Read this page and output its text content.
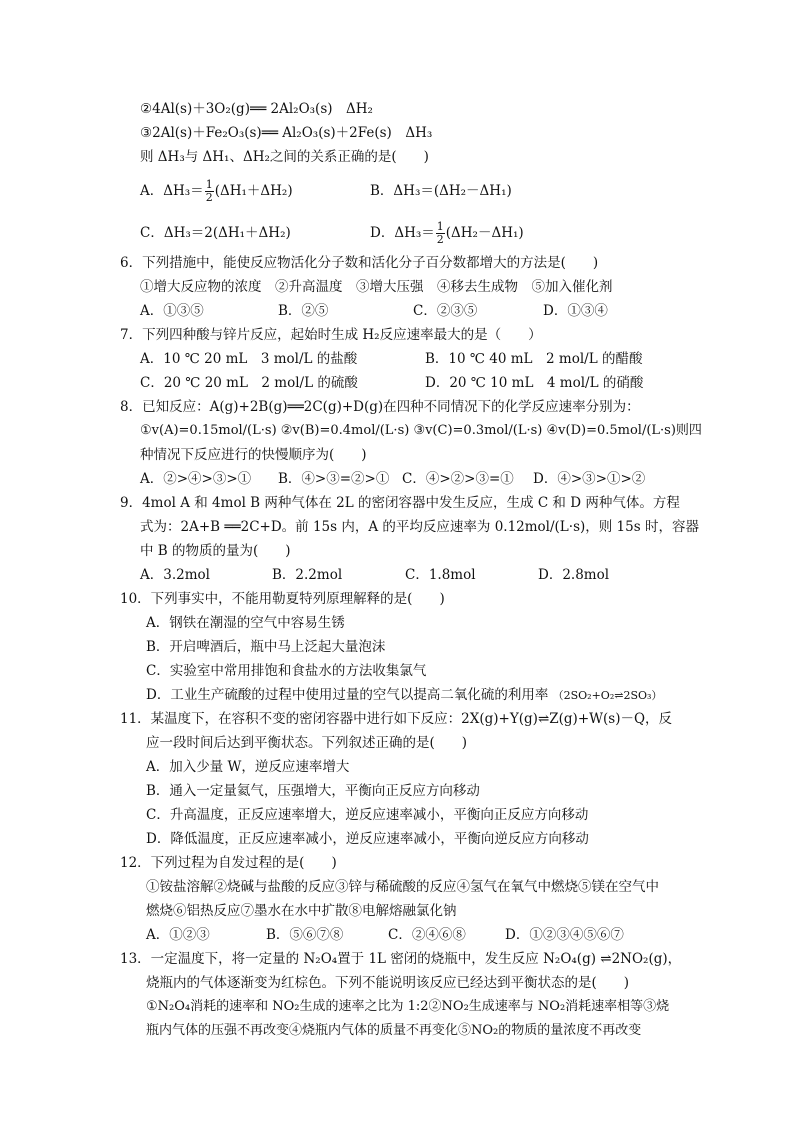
②4Al(s)＋3O₂(g)══ 2Al₂O₃(s)　ΔH₂
③2Al(s)＋Fe₂O₃(s)══ Al₂O₃(s)＋2Fe(s)　ΔH₃
则 ΔH₃与 ΔH₁、ΔH₂之间的关系正确的是(　　)
A．$\Delta H_3= \frac{1}{2} (\Delta H_1+\Delta H_2)$	B．ΔH₃＝(ΔH₂－ΔH₁)
C．ΔH₃＝2(ΔH₁＋ΔH₂)	D．$\Delta H_3= \frac{1}{2} (\Delta H_2-\Delta H_1)$
6．下列措施中，能使反应物活化分子数和活化分子百分数都增大的方法是(　　)
①增大反应物的浓度　②升高温度　③增大压强　④移去生成物　⑤加入催化剂
A．①③⑤	B．②⑤	C．②③⑤	D．①③④
7．下列四种酸与锌片反应，起始时生成 H₂反应速率最大的是（　　）
A．10 ℃ 20 mL　3 mol/L 的盐酸	B．10 ℃ 40 mL　2 mol/L 的醋酸
C．20 ℃ 20 mL　2 mol/L 的硫酸	D．20 ℃ 10 mL　4 mol/L 的硝酸
8．已知反应：A(g)+2B(g)══2C(g)+D(g)在四种不同情况下的化学反应速率分别为：
①v(A)=0.15mol/(L·s) ②v(B)=0.4mol/(L·s) ③v(C)=0.3mol/(L·s) ④v(D)=0.5mol/(L·s)则四
种情况下反应进行的快慢顺序为(　　)
A．②>④>③>① B．④>③=②>① C．④>②>③=① D．④>③>①>②
9．4mol A 和 4mol B 两种气体在 2L 的密闭容器中发生反应，生成 C 和 D 两种气体。方程
式为：2A+B ══2C+D。前 15s 内，A 的平均反应速率为 0.12mol/(L·s)，则 15s 时，容器
中 B 的物质的量为(　　)
A．3.2mol	B．2.2mol	C．1.8mol	D．2.8mol
10．下列事实中，不能用勒夏特列原理解释的是(　　)
A．钢铁在潮湿的空气中容易生锈
B．开启啤酒后，瓶中马上泛起大量泡沫
C．实验室中常用排饱和食盐水的方法收集氯气
D．工业生产硫酸的过程中使用过量的空气以提高二氧化硫的利用率 （2SO₂+O₂⇌2SO₃）
11．某温度下，在容积不变的密闭容器中进行如下反应：2X(g)+Y(g)⇌Z(g)+W(s)－Q，反
应一段时间后达到平衡状态。下列叙述正确的是(　　)
A．加入少量 W，逆反应速率增大
B．通入一定量氦气，压强增大，平衡向正反应方向移动
C．升高温度，正反应速率增大，逆反应速率减小，平衡向正反应方向移动
D．降低温度，正反应速率减小，逆反应速率减小，平衡向逆反应方向移动
12．下列过程为自发过程的是(　　)
①铵盐溶解②烧碱与盐酸的反应③锌与稀硫酸的反应④氢气在氧气中燃烧⑤镁在空气中
燃烧⑥铝热反应⑦墨水在水中扩散⑧电解熔融氯化钠
A．①②③	B．⑤⑥⑦⑧	C．②④⑥⑧	D．①②③④⑤⑥⑦
13．一定温度下，将一定量的 N₂O₄置于 1L 密闭的烧瓶中，发生反应 N₂O₄(g) ⇌2NO₂(g)，
烧瓶内的气体逐渐变为红棕色。下列不能说明该反应已经达到平衡状态的是(　　)
①N₂O₄消耗的速率和 NO₂生成的速率之比为 1:2②NO₂生成速率与 NO₂消耗速率相等③烧
瓶内气体的压强不再改变④烧瓶内气体的质量不再变化⑤NO₂的物质的量浓度不再改变
